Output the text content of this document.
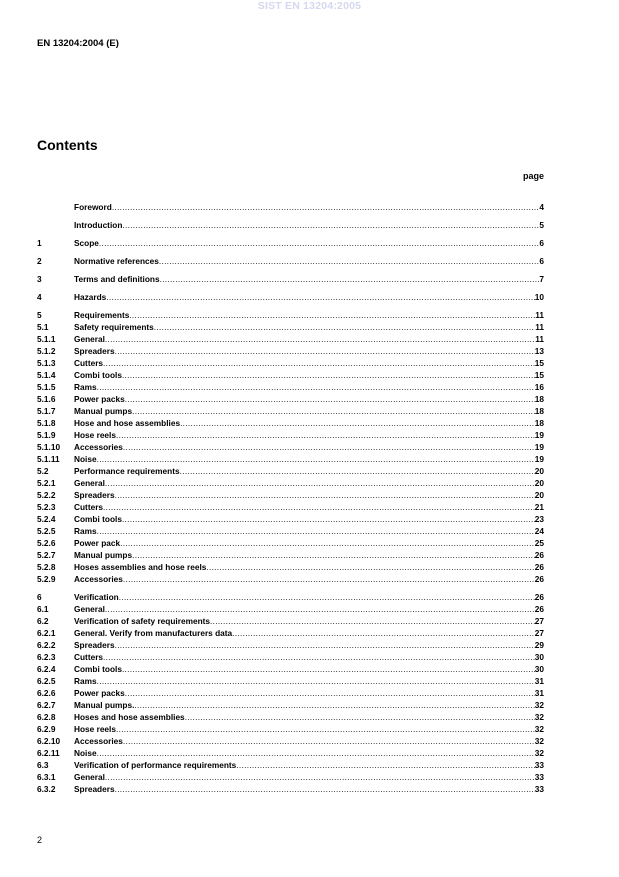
SIST EN 13204:2005
EN 13204:2004 (E)
Contents
page
Foreword .....	4
Introduction .....	5
1	Scope .....	6
2	Normative references .....	6
3	Terms and definitions .....	7
4	Hazards .....	10
5	Requirements .....	11
5.1	Safety requirements .....	11
5.1.1	General .....	11
5.1.2	Spreaders .....	13
5.1.3	Cutters .....	15
5.1.4	Combi tools .....	15
5.1.5	Rams .....	16
5.1.6	Power packs .....	18
5.1.7	Manual pumps .....	18
5.1.8	Hose and hose assemblies .....	18
5.1.9	Hose reels .....	19
5.1.10	Accessories .....	19
5.1.11	Noise .....	19
5.2	Performance requirements .....	20
5.2.1	General .....	20
5.2.2	Spreaders .....	20
5.2.3	Cutters .....	21
5.2.4	Combi tools .....	23
5.2.5	Rams .....	24
5.2.6	Power pack .....	25
5.2.7	Manual pumps .....	26
5.2.8	Hoses assemblies and hose reels .....	26
5.2.9	Accessories .....	26
6	Verification .....	26
6.1	General .....	26
6.2	Verification of safety requirements .....	27
6.2.1	General. Verify from manufacturers data .....	27
6.2.2	Spreaders .....	29
6.2.3	Cutters .....	30
6.2.4	Combi tools .....	30
6.2.5	Rams .....	31
6.2.6	Power packs .....	31
6.2.7	Manual pumps. .....	32
6.2.8	Hoses and hose assemblies .....	32
6.2.9	Hose reels .....	32
6.2.10	Accessories .....	32
6.2.11	Noise .....	32
6.3	Verification of performance requirements .....	33
6.3.1	General .....	33
6.3.2	Spreaders .....	33
2
